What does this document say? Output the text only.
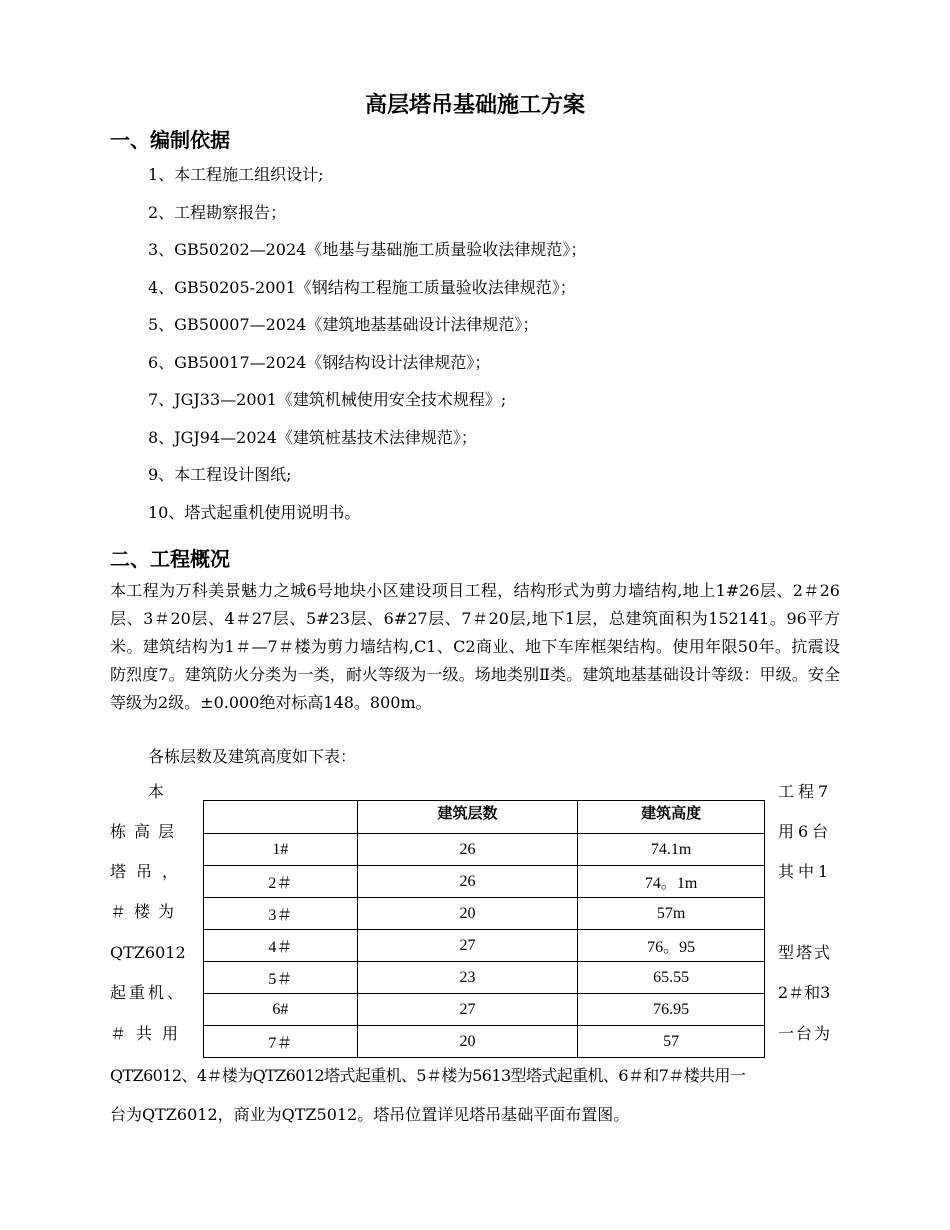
高层塔吊基础施工方案
一、编制依据
1、本工程施工组织设计;
2、工程勘察报告；
3、GB50202—2024《地基与基础施工质量验收法律规范》；
4、GB50205-2001《钢结构工程施工质量验收法律规范》；
5、GB50007—2024《建筑地基基础设计法律规范》；
6、GB50017—2024《钢结构设计法律规范》；
7、JGJ33—2001《建筑机械使用安全技术规程》;
8、JGJ94—2024《建筑桩基技术法律规范》；
9、本工程设计图纸;
10、塔式起重机使用说明书。
二、工程概况

本工程为万科美景魅力之城6号地块小区建设项目工程，结构形式为剪力墙结构,地上1#26层、2＃26层、3＃20层、4＃27层、5#23层、6#27层、7＃20层,地下1层，总建筑面积为152141。96平方米。建筑结构为1＃—7＃楼为剪力墙结构,C1、C2商业、地下车库框架结构。使用年限50年。抗震设防烈度7。建筑防火分类为一类，耐火等级为一级。场地类别Ⅱ类。建筑地基基础设计等级：甲级。安全等级为2级。±0.000绝对标高148。800m。

各栋层数及建筑高度如下表：
本
栋高层
塔吊，
＃楼为
QTZ6012
起重机、
＃共用
工程7
用6台
其中1
型塔式
2＃和3
一台为
	建筑层数	建筑高度
1#	26	74.1m
2＃	26	74。1m
3＃	20	57m
4＃	27	76。95
5＃	23	65.55
6#	27	76.95
7＃	20	57
QTZ6012、4＃楼为QTZ6012塔式起重机、5＃楼为5613型塔式起重机、6＃和7＃楼共用一
台为QTZ6012，商业为QTZ5012。塔吊位置详见塔吊基础平面布置图。
